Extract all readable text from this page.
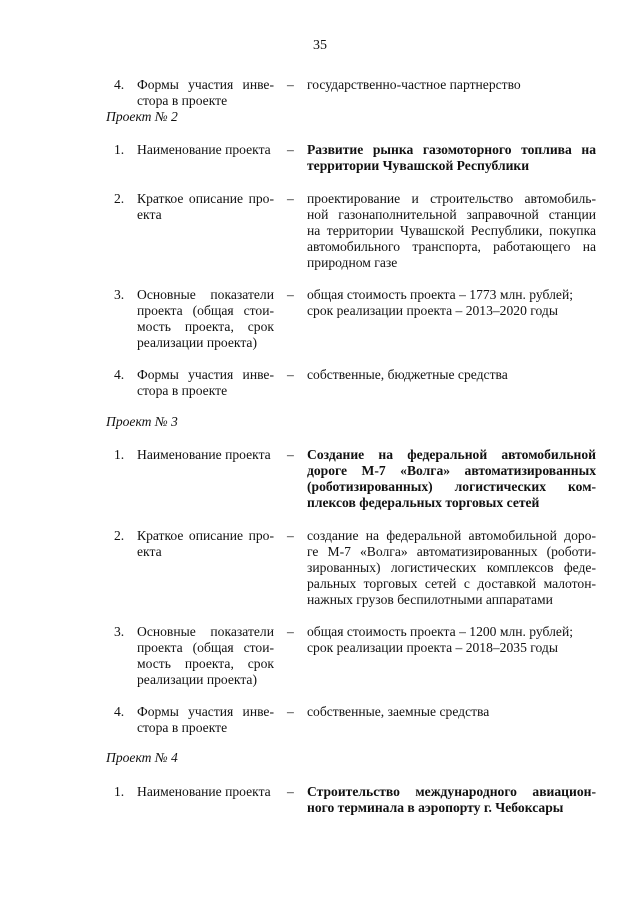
35
4. Формы участия инве-
стора в проекте
– государственно-частное партнерство
Проект № 2
1. Наименование проекта – Развитие рынка газомоторного топлива на
территории Чувашской Республики
2. Краткое описание про-
екта
– проектирование и строительство автомобиль-
ной газонаполнительной заправочной станции
на территории Чувашской Республики, покупка
автомобильного транспорта, работающего на
природном газе
3. Основные показатели
проекта (общая стои-
мость проекта, срок
реализации проекта)
– общая стоимость проекта – 1773 млн. рублей;
срок реализации проекта – 2013–2020 годы
4. Формы участия инве-
стора в проекте
– собственные, бюджетные средства
Проект № 3
1. Наименование проекта – Создание на федеральной автомобильной
дороге М-7 «Волга» автоматизированных
(роботизированных) логистических ком-
плексов федеральных торговых сетей
2. Краткое описание про-
екта
– создание на федеральной автомобильной доро-
ге М-7 «Волга» автоматизированных (роботи-
зированных) логистических комплексов феде-
ральных торговых сетей с доставкой малотон-
нажных грузов беспилотными аппаратами
3. Основные показатели
проекта (общая стои-
мость проекта, срок
реализации проекта)
– общая стоимость проекта – 1200 млн. рублей;
срок реализации проекта – 2018–2035 годы
4. Формы участия инве-
стора в проекте
– собственные, заемные средства
Проект № 4
1. Наименование проекта – Строительство международного авиацион-
ного терминала в аэропорту г. Чебоксары
